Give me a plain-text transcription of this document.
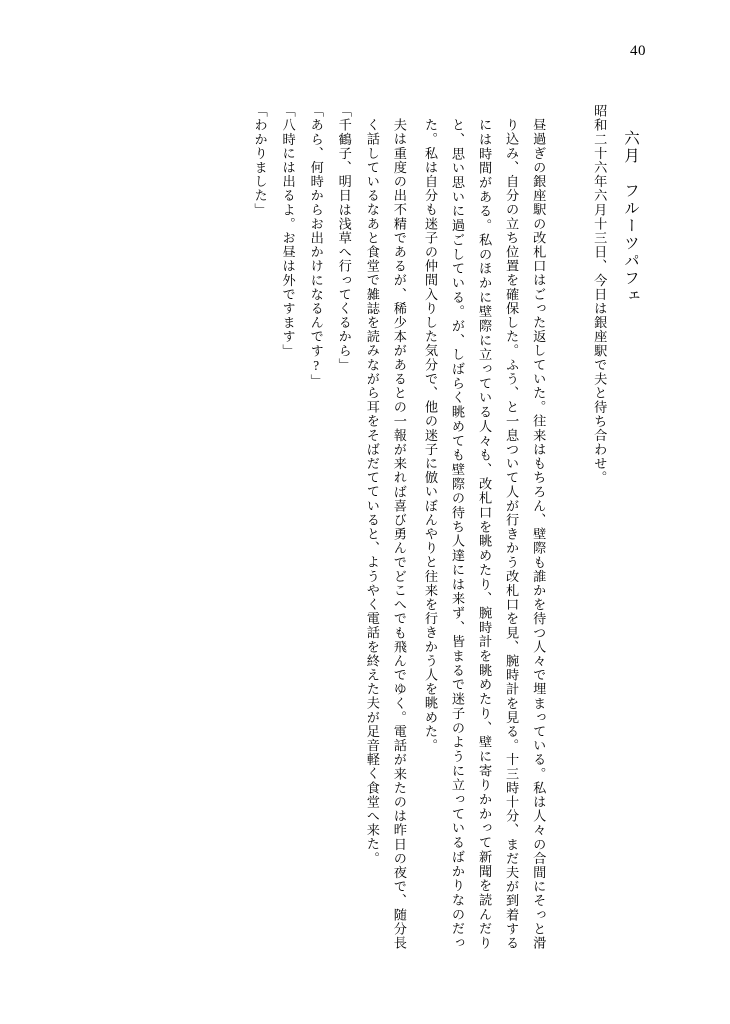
40
六月　フルーツパフェ
昭和二十六年六月十三日、今日は銀座駅で夫と待ち合わせ。
昼過ぎの銀座駅の改札口はごった返していた。往来はもちろん、壁際も誰かを待つ人々で埋まっている。私は人々の合間にそっと滑り込み、自分の立ち位置を確保した。ふう、と一息ついて人が行きかう改札口を見、腕時計を見る。十三時十分、まだ夫が到着するには時間がある。私のほかに壁際に立っている人々も、改札口を眺めたり、腕時計を眺めたり、壁に寄りかかって新聞を読んだりと、思い思いに過ごしている。が、しばらく眺めても壁際の待ち人達には来ず、皆まるで迷子のように立っているばかりなのだった。私は自分も迷子の仲間入りした気分で、他の迷子に倣いぼんやりと往来を行きかう人を眺めた。
夫は重度の出不精であるが、稀少本があるとの一報が来れば喜び勇んでどこへでも飛んでゆく。電話が来たのは昨日の夜で、随分長く話しているなあと食堂で雑誌を読みながら耳をそばだてていると、ようやく電話を終えた夫が足音軽く食堂へ来た。
「千鶴子、明日は浅草へ行ってくるから」
「あら、何時からお出かけになるんです?」
「八時には出るよ。お昼は外ですます」
「わかりました」
